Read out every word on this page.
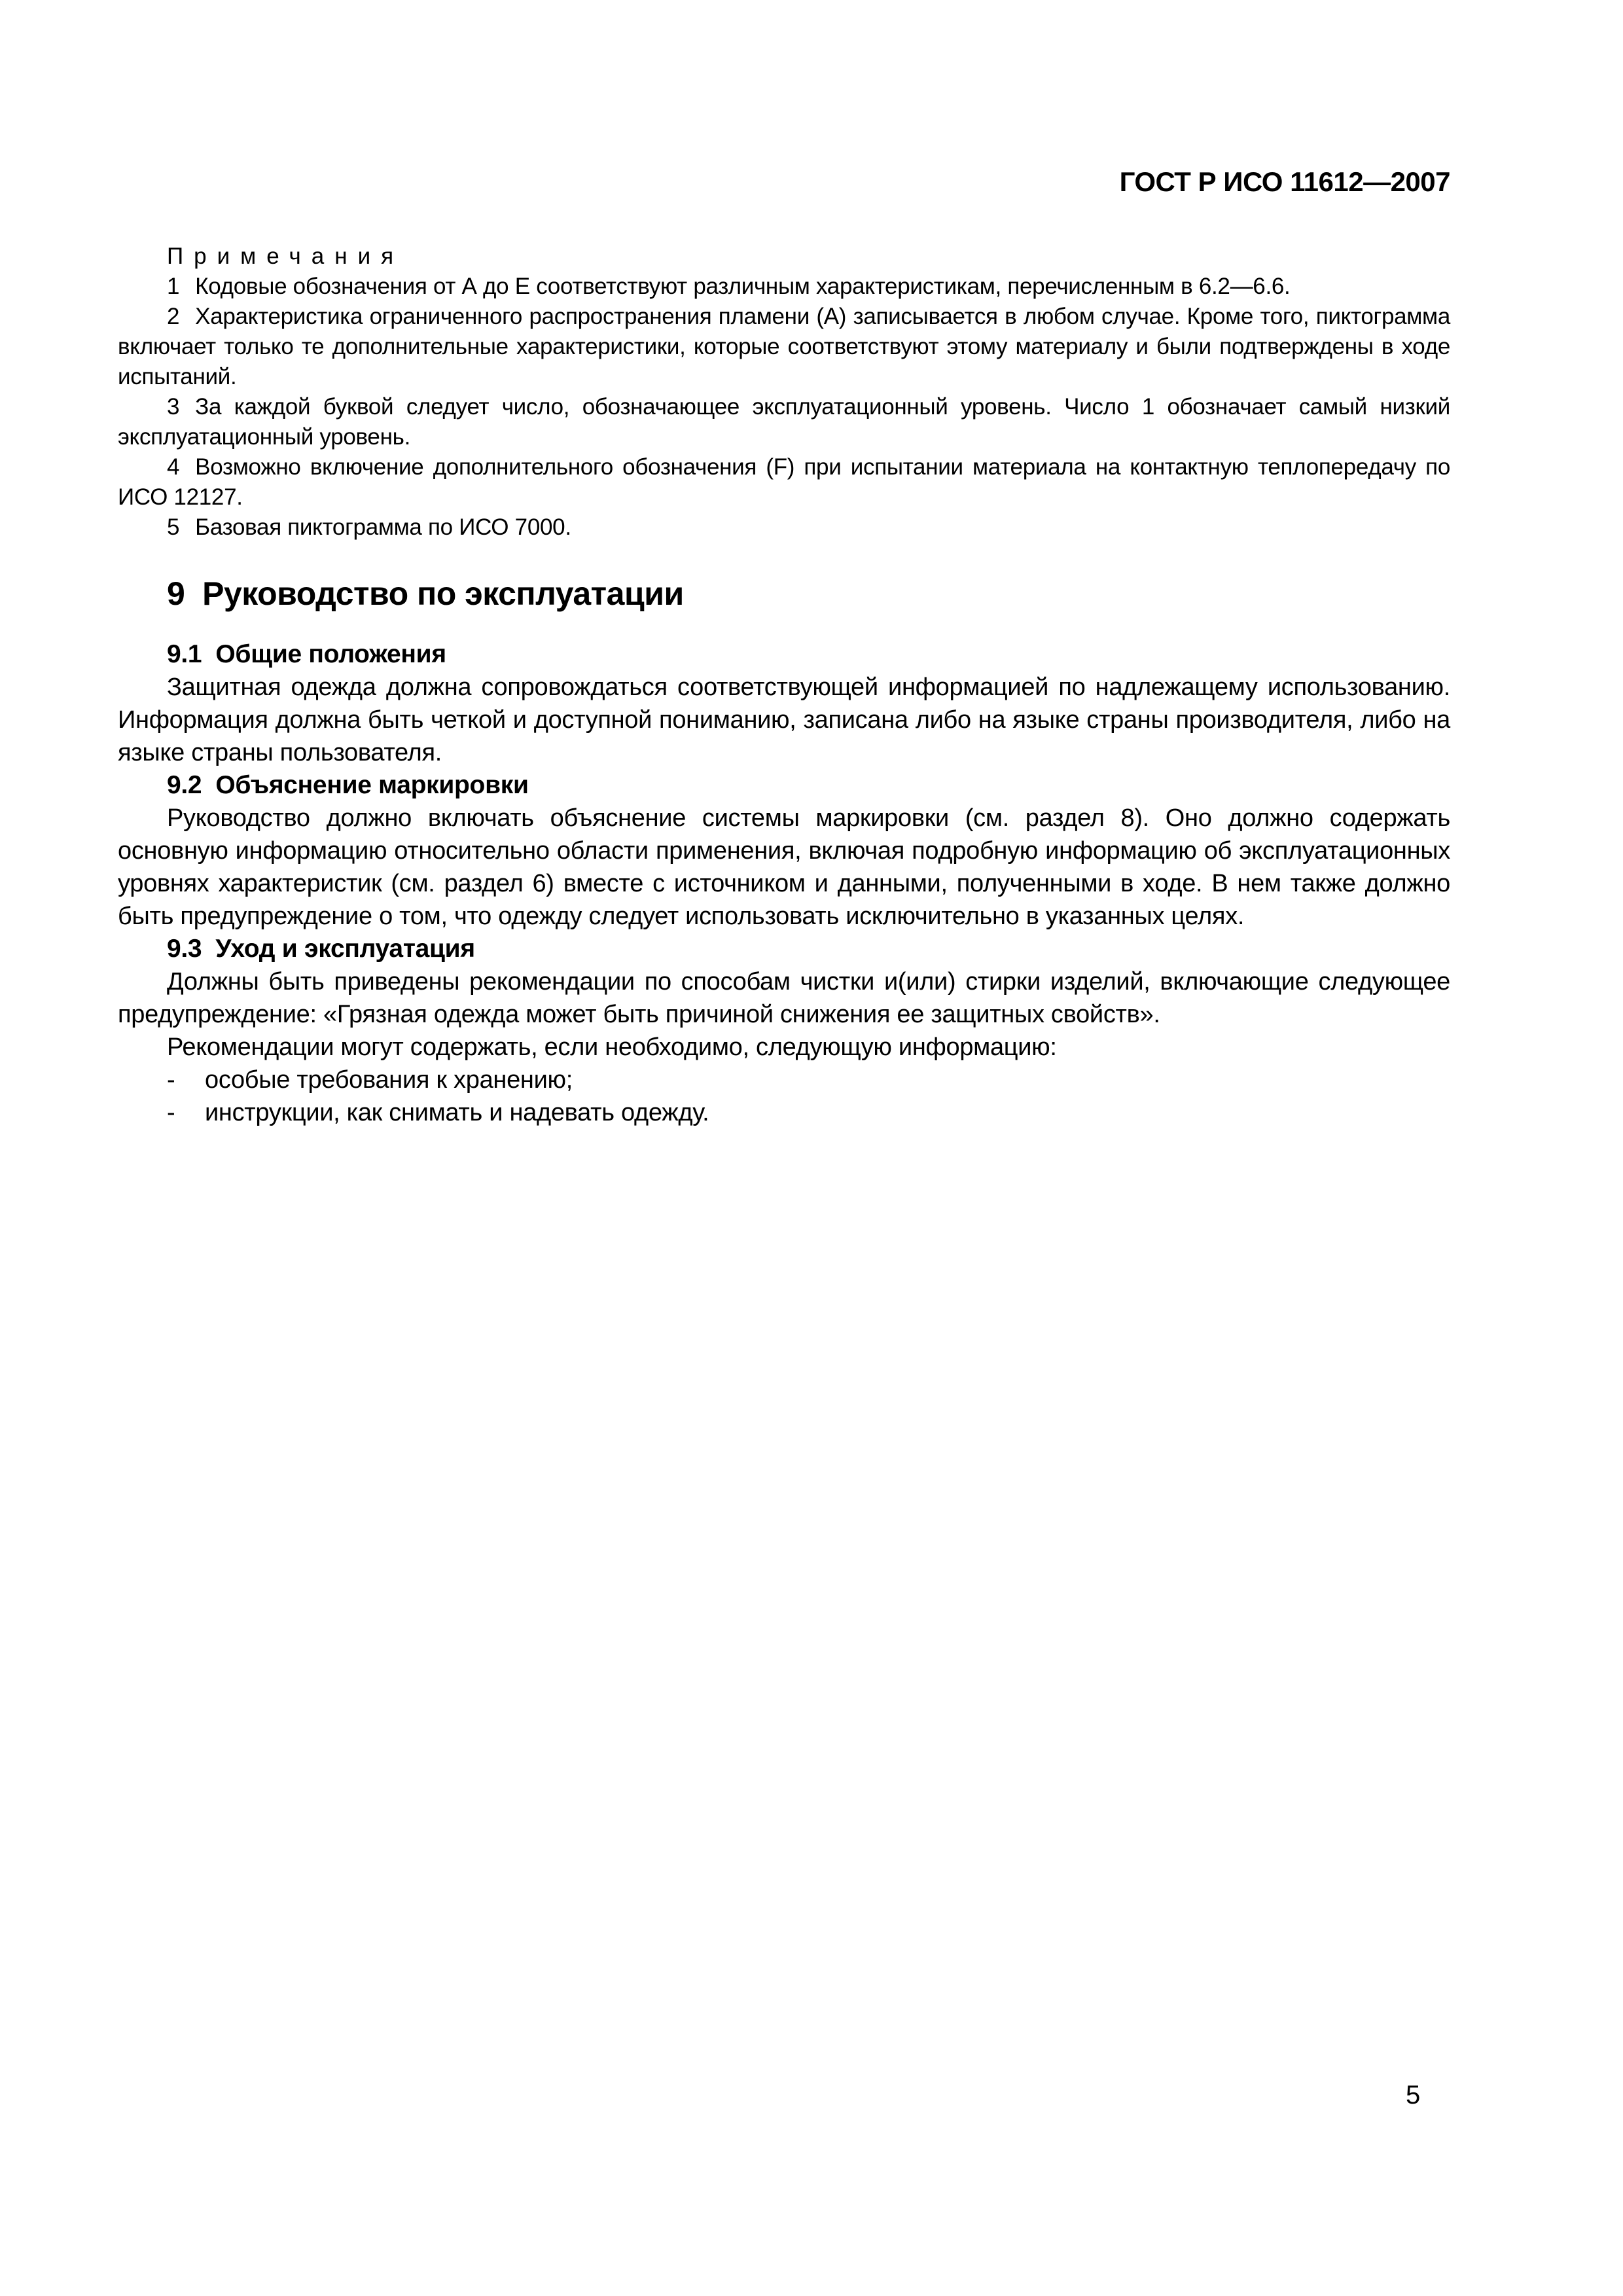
ГОСТ Р ИСО 11612—2007
Примечания

1 Кодовые обозначения от А до Е соответствуют различным характеристикам, перечисленным в 6.2—6.6.

2 Характеристика ограниченного распространения пламени (А) записывается в любом случае. Кроме того, пиктограмма включает только те дополнительные характеристики, которые соответствуют этому материалу и были подтверждены в ходе испытаний.

3 За каждой буквой следует число, обозначающее эксплуатационный уровень. Число 1 обозначает самый низкий эксплуатационный уровень.

4 Возможно включение дополнительного обозначения (F) при испытании материала на контактную теплопередачу по ИСО 12127.

5 Базовая пиктограмма по ИСО 7000.

9  Руководство по эксплуатации
9.1  Общие положения

Защитная одежда должна сопровождаться соответствующей информацией по надлежащему использованию. Информация должна быть четкой и доступной пониманию, записана либо на языке страны производителя, либо на языке страны пользователя.

9.2  Объяснение маркировки

Руководство должно включать объяснение системы маркировки (см. раздел 8). Оно должно содержать основную информацию относительно области применения, включая подробную информацию об эксплуатационных уровнях характеристик (см. раздел 6) вместе с источником и данными, полученными в ходе. В нем также должно быть предупреждение о том, что одежду следует использовать исключительно в указанных целях.

9.3  Уход и эксплуатация

Должны быть приведены рекомендации по способам чистки и(или) стирки изделий, включающие следующее предупреждение: «Грязная одежда может быть причиной снижения ее защитных свойств».

Рекомендации могут содержать, если необходимо, следующую информацию:

- особые требования к хранению;
- инструкции, как снимать и надевать одежду.
5
